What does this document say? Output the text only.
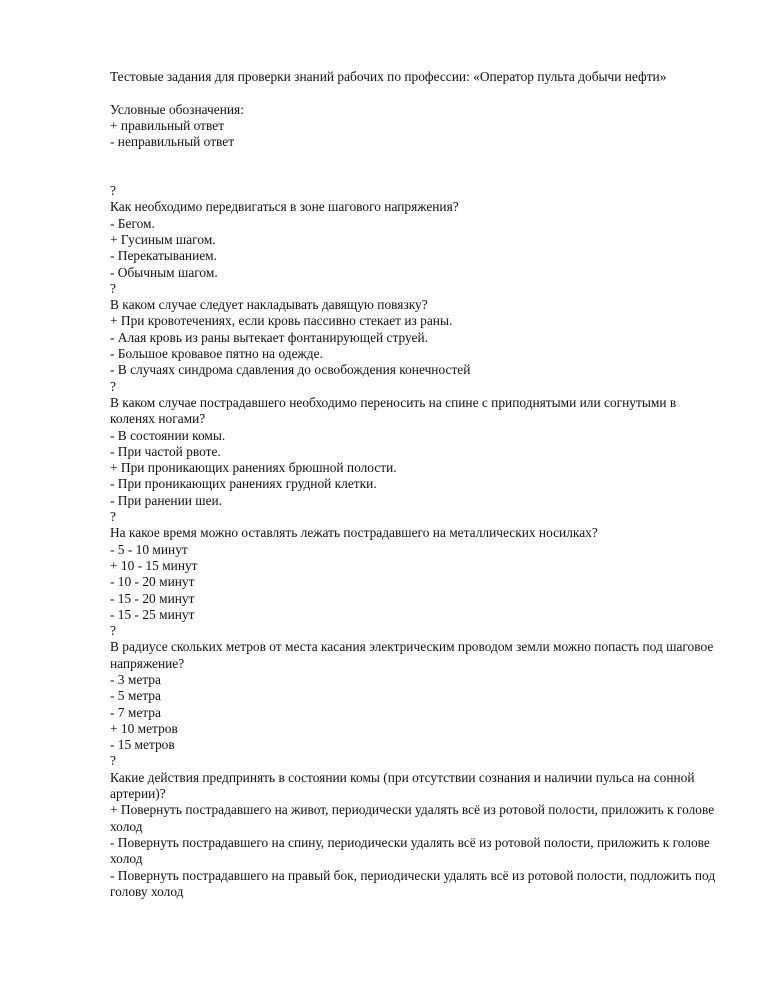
Тестовые задания для проверки знаний рабочих по профессии: «Оператор пульта добычи нефти»

Условные обозначения:

+ правильный ответ

- неправильный ответ

?

Как необходимо передвигаться в зоне шагового напряжения?

- Бегом.

+ Гусиным шагом.

- Перекатыванием.

- Обычным шагом.

?

В каком случае следует накладывать давящую повязку?

+ При кровотечениях, если кровь пассивно стекает из раны.

- Алая кровь из раны вытекает фонтанирующей струей.

- Большое кровавое пятно на одежде.

- В случаях синдрома сдавления до освобождения конечностей

?

В каком случае пострадавшего необходимо переносить на спине с приподнятыми или согнутыми в коленях ногами?

- В состоянии комы.

- При частой рвоте.

+ При проникающих ранениях брюшной полости.

- При проникающих ранениях грудной клетки.

- При ранении шеи.

?

На какое время можно оставлять лежать пострадавшего на металлических носилках?

- 5 - 10 минут

+ 10 - 15 минут

- 10 - 20 минут

- 15 - 20 минут

- 15 - 25 минут

?

В радиусе скольких метров от места касания электрическим проводом земли можно попасть под шаговое напряжение?

- 3 метра

- 5 метра

- 7 метра

+ 10 метров

- 15 метров

?

Какие действия предпринять в состоянии комы (при отсутствии сознания и наличии пульса на сонной артерии)?

+ Повернуть пострадавшего на живот, периодически удалять всё из ротовой полости, приложить к голове холод

- Повернуть пострадавшего на спину, периодически удалять всё из ротовой полости, приложить к голове холод

- Повернуть пострадавшего на правый бок, периодически удалять всё из ротовой полости, подложить под голову холод
